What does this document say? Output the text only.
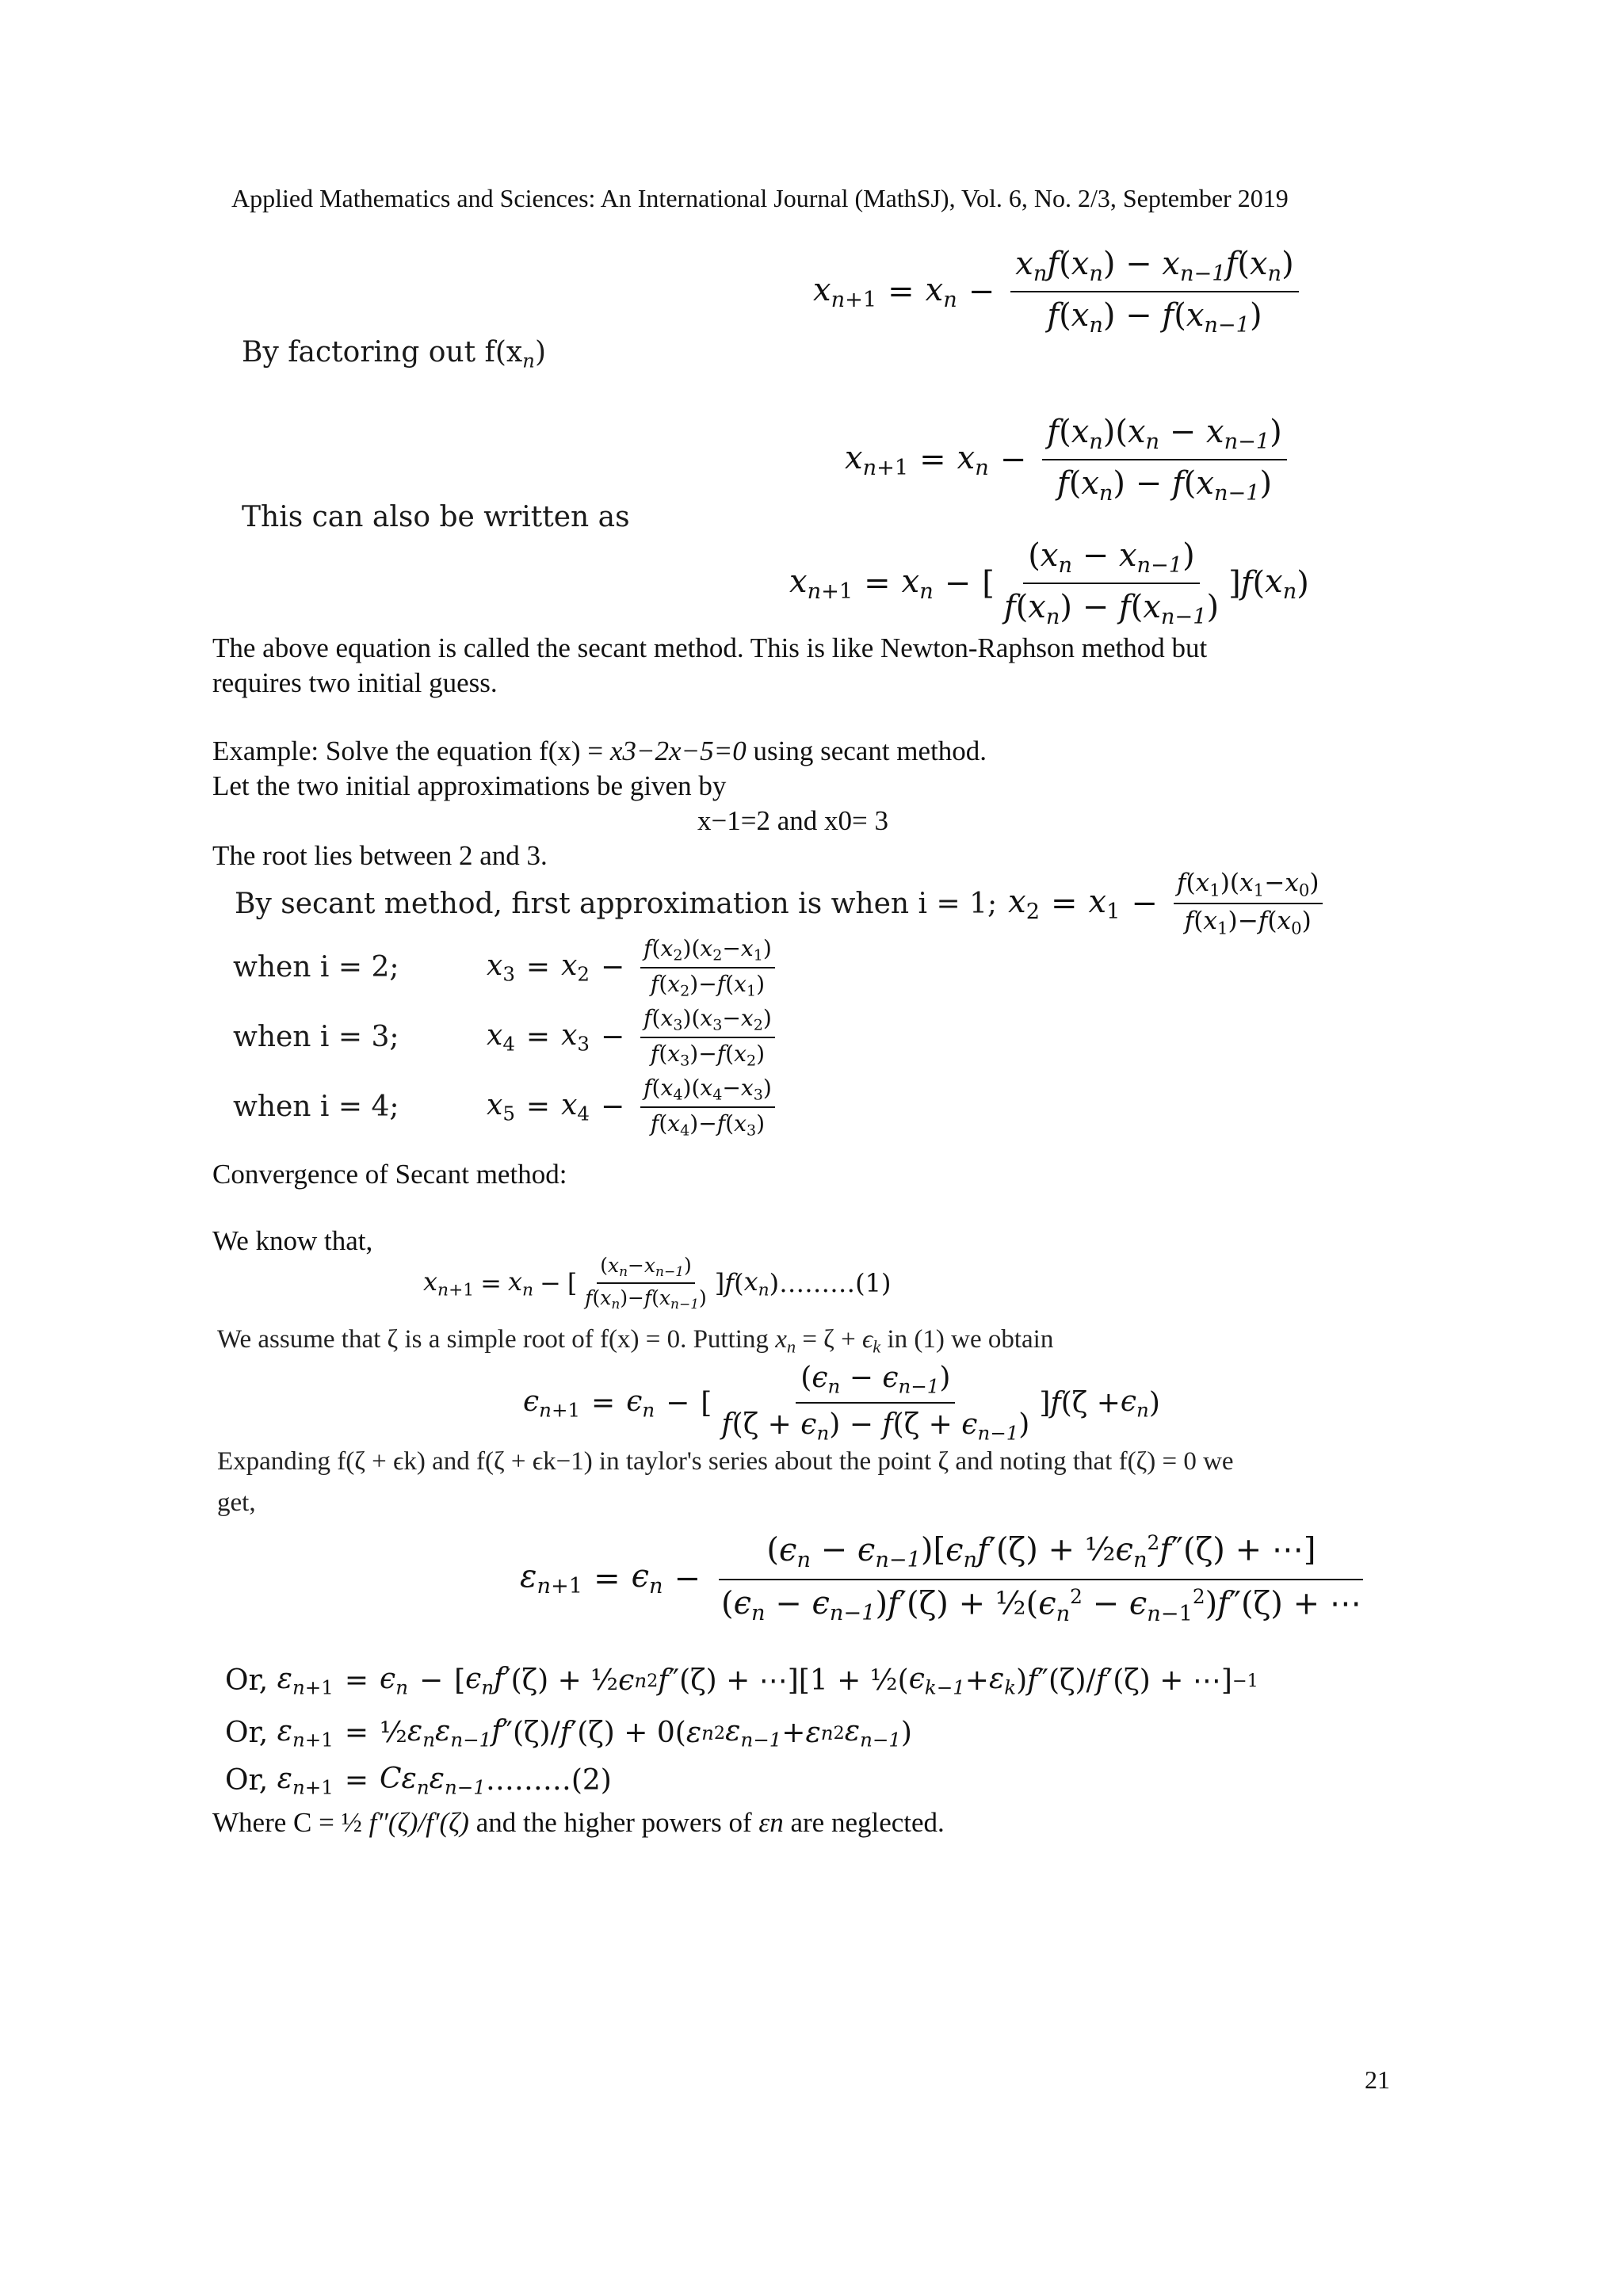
Applied Mathematics and Sciences: An International Journal (MathSJ), Vol. 6, No. 2/3, September 2019
$x_{n+1} = x_n - \frac{x_nf(x_n) - x_{n-1}f(x_n)}{f(x_n) - f(x_{n-1})}$
By factoring out $f(x_n)$
$x_{n+1} = x_n - \frac{f(x_n)(x_n - x_{n-1})}{f(x_n) - f(x_{n-1})}$
This can also be written as
$x_{n+1} = x_n$ − [ $\frac{(x_n - x_{n-1})}{f(x_n) - f(x_{n-1})}$ ] f ( $x_n$ )
The above equation is called the secant method. This is like Newton-Raphson method but
requires two initial guess.
Example: Solve the equation f(x) = x3−2x−5=0 using secant method.
Let the two initial approximations be given by
x−1=2 and x0= 3
The root lies between 2 and 3.
By secant method, first approximation is when i = 1; $x_2 = x_1 - \frac{f(x_1)(x_1-x_0)}{f(x_1)-f(x_0)}$
when i = 2;	$x_3 = x_2 - \frac{f(x_2)(x_2-x_1)}{f(x_2)-f(x_1)}$
when i = 3;	$x_4 = x_3 - \frac{f(x_3)(x_3-x_2)}{f(x_3)-f(x_2)}$
when i = 4;	$x_5 = x_4 - \frac{f(x_4)(x_4-x_3)}{f(x_4)-f(x_3)}$
Convergence of Secant method:
We know that,
$x_{n+1} = x_n$ − [ $\frac{(x_n-x_{n-1})}{f(x_n)-f(x_{n-1})}$ ] f ( $x_n$ ) ………(1)
We assume that ζ is a simple root of f(x) = 0. Putting $x_n = \zeta + \epsilon_k$ in (1) we obtain
$\epsilon_{n+1} = \epsilon_n$ − [ $\frac{(\epsilon_n - \epsilon_{n-1})}{f(\zeta + \epsilon_n) - f(\zeta + \epsilon_{n-1})}$ ] f ($\zeta + \epsilon_n$ )
Expanding f(ζ + ϵk) and f(ζ + ϵk−1) in taylor's series about the point ζ and noting that f(ζ) = 0 we
get,
$\varepsilon_{n+1} = \epsilon_n - \frac{(\epsilon_n - \epsilon_{n-1})[\epsilon_nf'(\zeta) + \frac{1}{2}\epsilon_n^2f''(\zeta) + \cdots]}{(\epsilon_n - \epsilon_{n-1})f'(\zeta) + \frac{1}{2}(\epsilon_n^2 - \epsilon_{n-1}^2)f''(\zeta) + \cdots}$
Or,
$\varepsilon_{n+1} = \epsilon_n$ − [ $\epsilon_nf$ ′(ζ) + ½ ϵ n 2 f ″(ζ) + ⋯][1 + ½( $\epsilon_{k-1} + \varepsilon_k$ ) f ″(ζ)/ f ′(ζ) + ⋯] −1
Or,
$\varepsilon_{n+1}$ = ½ $\varepsilon_n\varepsilon_{n-1}f$ ″(ζ)/ f ′(ζ) + 0( ε n 2 $\varepsilon_{n-1} + \varepsilon$ n 2 $\varepsilon_{n-1}$ )
Or,
$\varepsilon_{n+1} = C\varepsilon_n\varepsilon_{n-1}$ ………(2)
Where C = ½ f″(ζ)/f′(ζ) and the higher powers of εn are neglected.
21
